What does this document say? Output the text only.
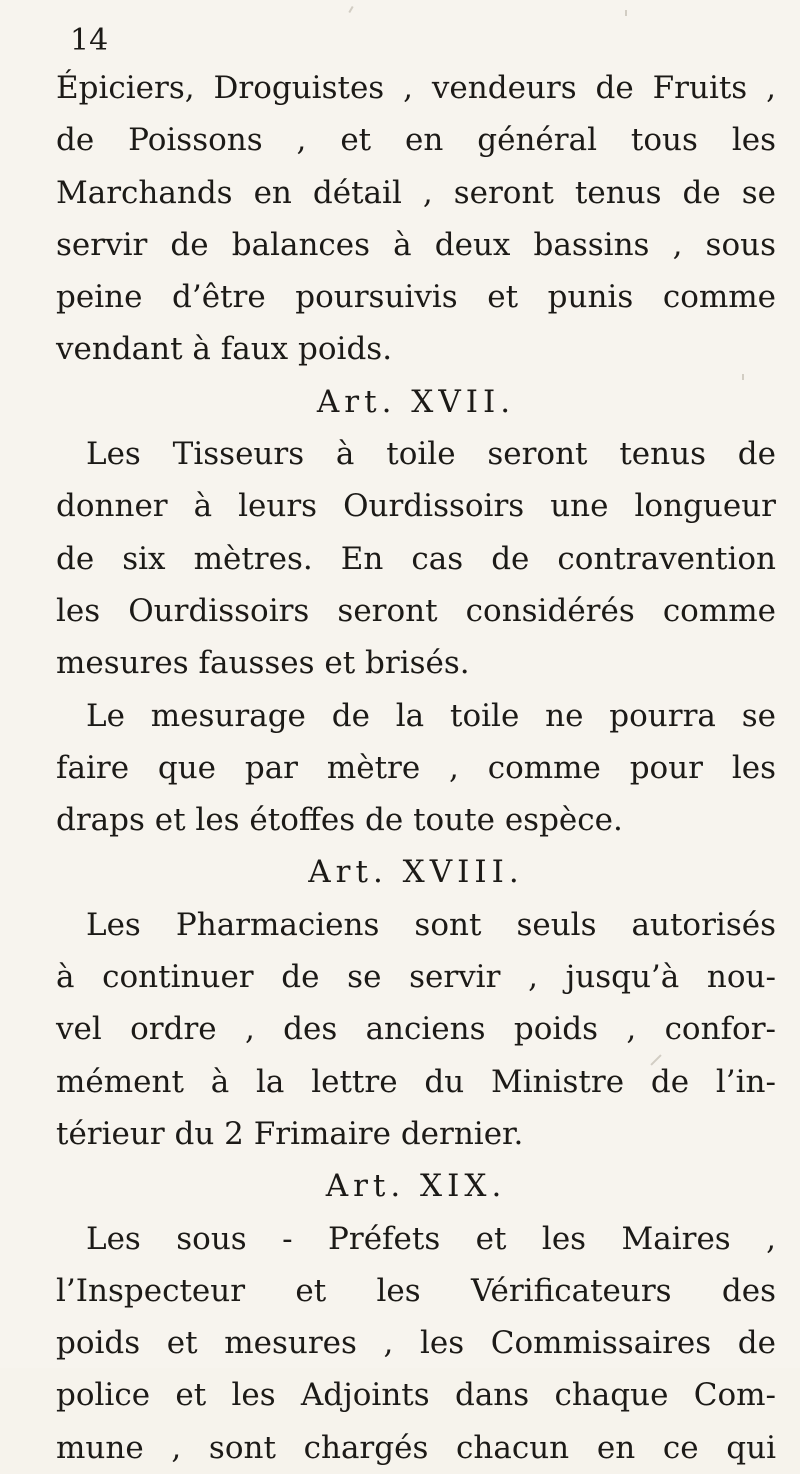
14
Épiciers, Droguistes , vendeurs de Fruits ,
de Poissons , et en général tous les
Marchands en détail , seront tenus de se
servir de balances à deux bassins , sous
peine d’être poursuivis et punis comme
vendant à faux poids.
Art. XVII.
Les Tisseurs à toile seront tenus de
donner à leurs Ourdissoirs une longueur
de six mètres. En cas de contravention
les Ourdissoirs seront considérés comme
mesures fausses et brisés.
Le mesurage de la toile ne pourra se
faire que par mètre , comme pour les
draps et les étoffes de toute espèce.
Art. XVIII.
Les Pharmaciens sont seuls autorisés
à continuer de se servir , jusqu’à nou-
vel ordre , des anciens poids , confor-
mément à la lettre du Ministre de l’in-
térieur du 2 Frimaire dernier.
Art. XIX.
Les sous - Préfets et les Maires ,
l’Inspecteur et les Vérificateurs des
poids et mesures , les Commissaires de
police et les Adjoints dans chaque Com-
mune , sont chargés chacun en ce qui
